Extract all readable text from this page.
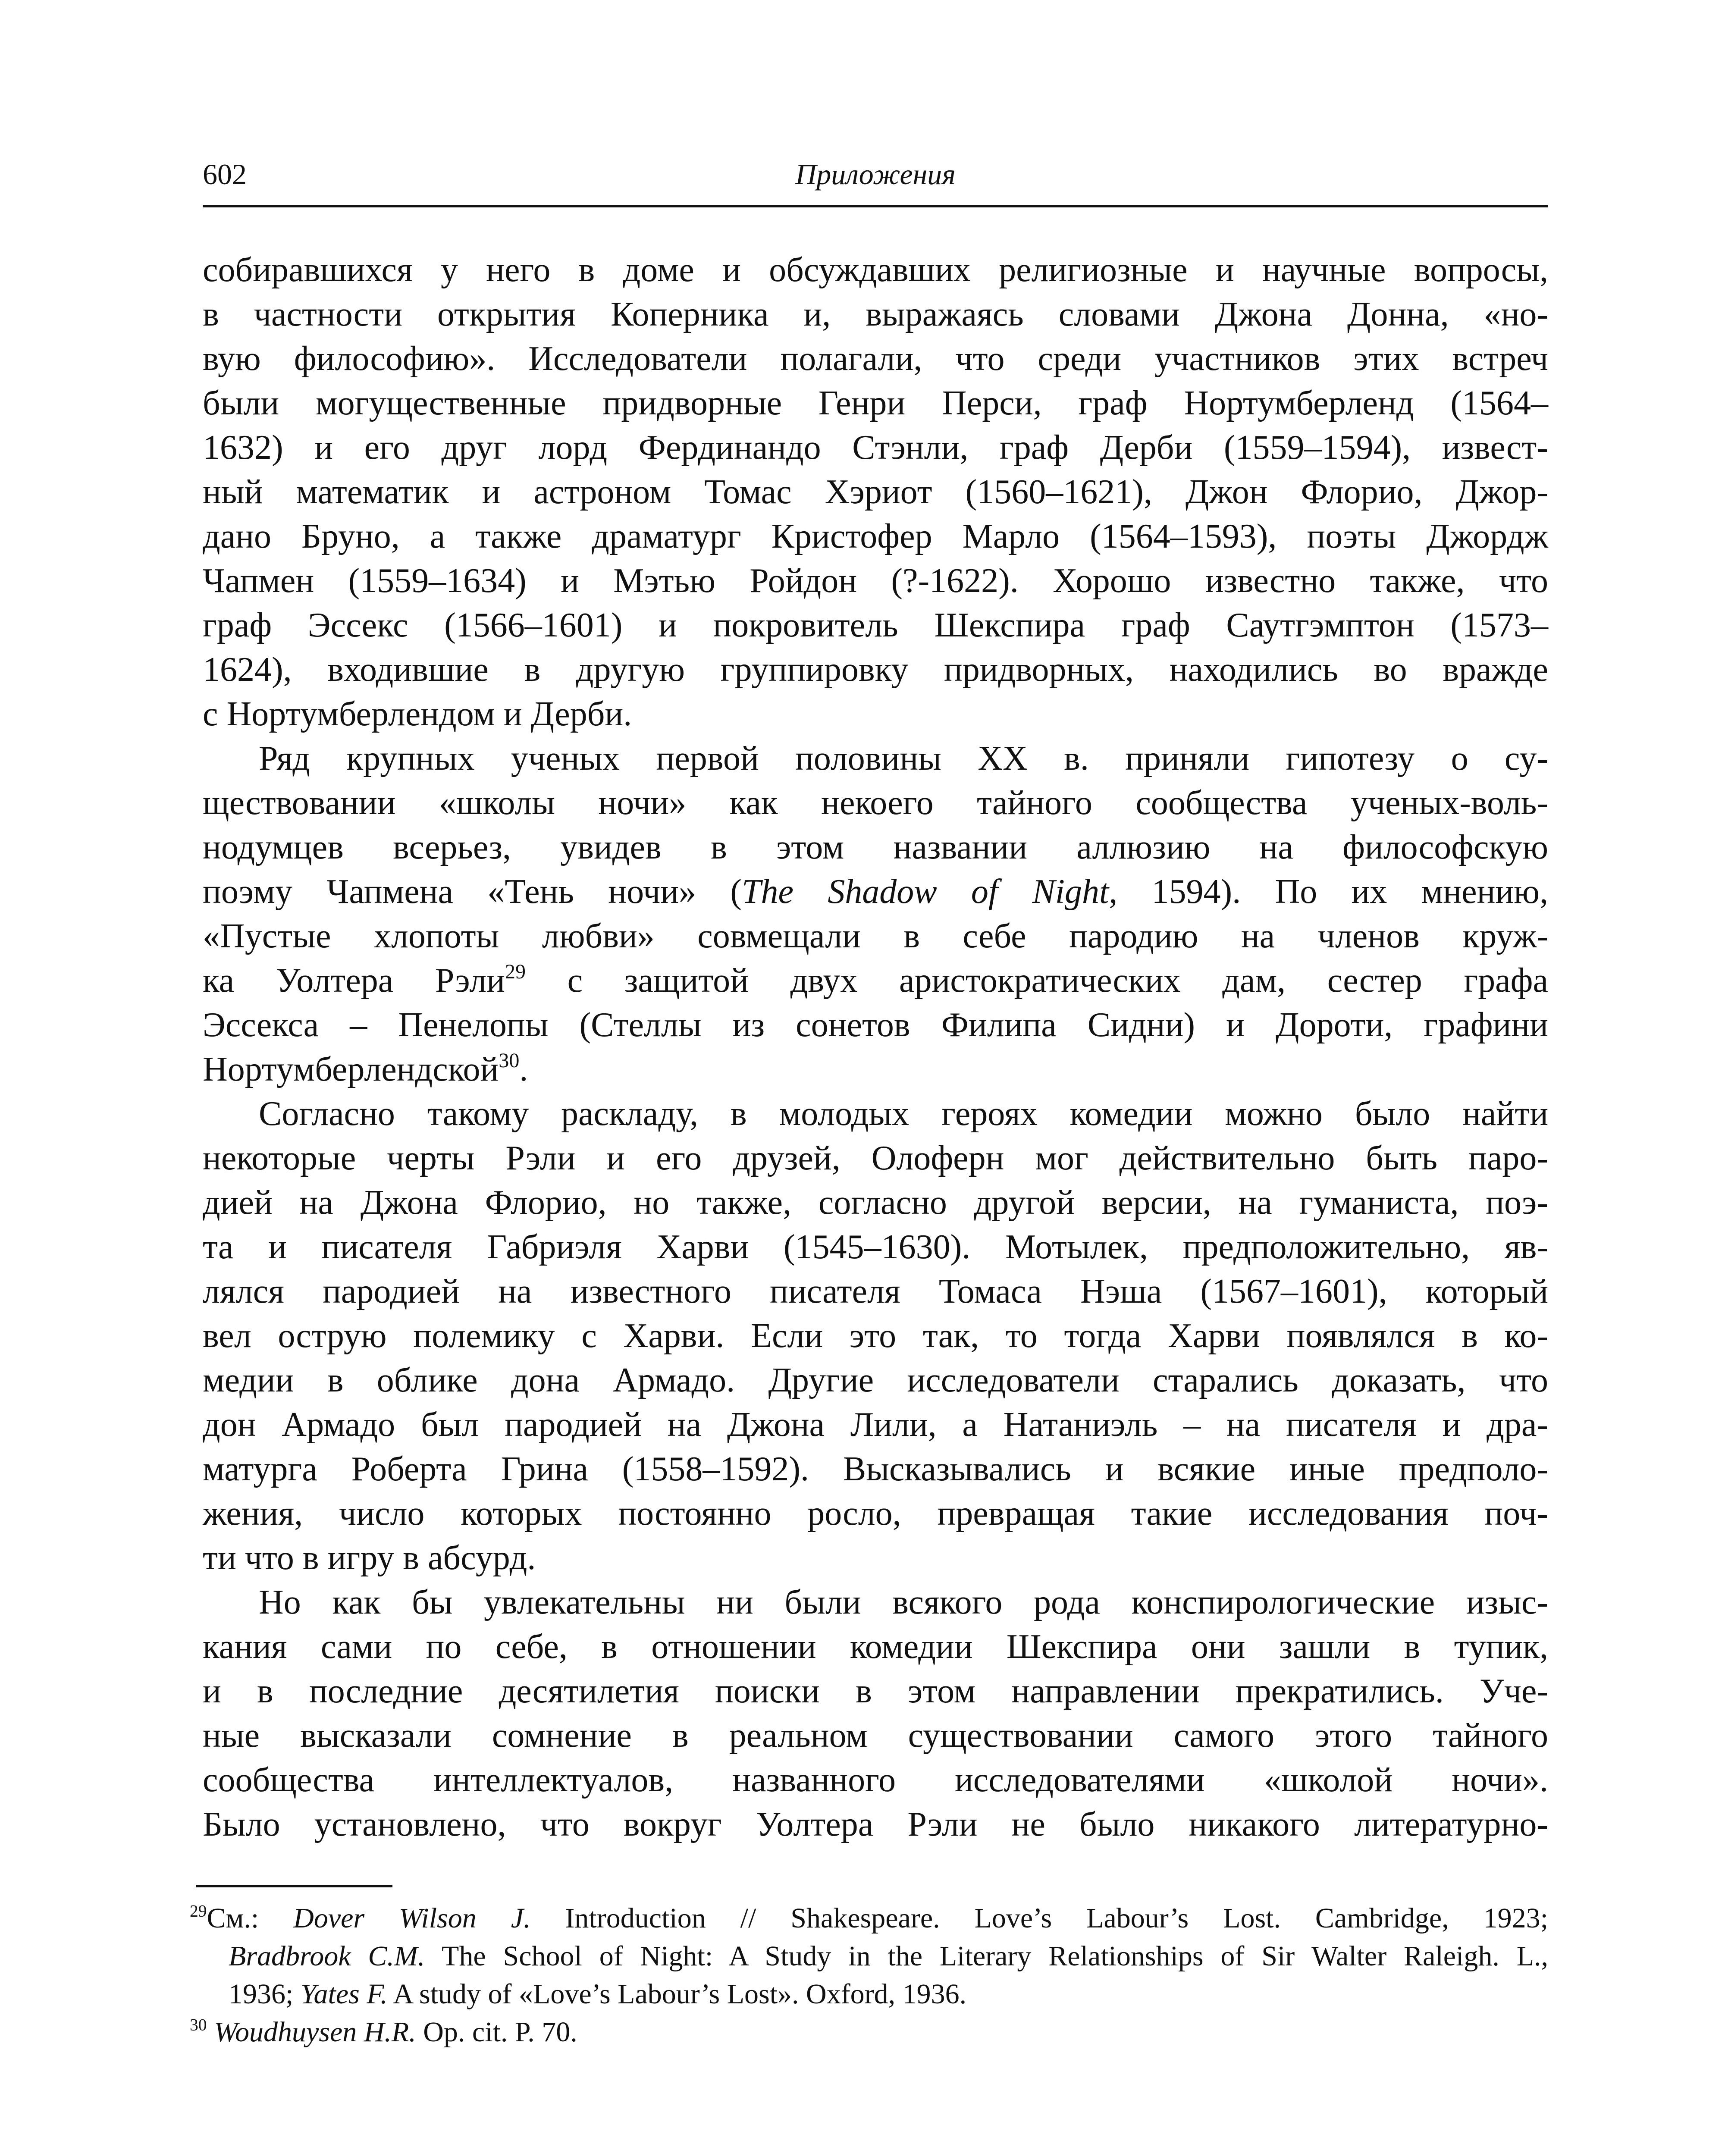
602	Приложения
собиравшихся у него в доме и обсуждавших религиозные и научные вопросы,
в частности открытия Коперника и, выражаясь словами Джона Донна, «но-
вую философию». Исследователи полагали, что среди участников этих встреч
были могущественные придворные Генри Перси, граф Нортумберленд (1564–
1632) и его друг лорд Фердинандо Стэнли, граф Дерби (1559–1594), извест-
ный математик и астроном Томас Хэриот (1560–1621), Джон Флорио, Джор-
дано Бруно, а также драматург Кристофер Марло (1564–1593), поэты Джордж
Чапмен (1559–1634) и Мэтью Ройдон (?-1622). Хорошо известно также, что
граф Эссекс (1566–1601) и покровитель Шекспира граф Саутгэмптон (1573–
1624), входившие в другую группировку придворных, находились во вражде
с Нортумберлендом и Дерби.
Ряд крупных ученых первой половины XX в. приняли гипотезу о су-
ществовании «школы ночи» как некоего тайного сообщества ученых-воль-
нодумцев всерьез, увидев в этом названии аллюзию на философскую
поэму Чапмена «Тень ночи» (The Shadow of Night, 1594). По их мнению,
«Пустые хлопоты любви» совмещали в себе пародию на членов круж-
ка Уолтера Рэли$^{29}$ с защитой двух аристократических дам, сестер графа
Эссекса – Пенелопы (Стеллы из сонетов Филипа Сидни) и Дороти, графини
Нортумберлендской$^{30}$.
Согласно такому раскладу, в молодых героях комедии можно было найти
некоторые черты Рэли и его друзей, Олоферн мог действительно быть паро-
дией на Джона Флорио, но также, согласно другой версии, на гуманиста, поэ-
та и писателя Габриэля Харви (1545–1630). Мотылек, предположительно, яв-
лялся пародией на известного писателя Томаса Нэша (1567–1601), который
вел острую полемику с Харви. Если это так, то тогда Харви появлялся в ко-
медии в облике дона Армадо. Другие исследователи старались доказать, что
дон Армадо был пародией на Джона Лили, а Натаниэль – на писателя и дра-
матурга Роберта Грина (1558–1592). Высказывались и всякие иные предполо-
жения, число которых постоянно росло, превращая такие исследования поч-
ти что в игру в абсурд.
Но как бы увлекательны ни были всякого рода конспирологические изыс-
кания сами по себе, в отношении комедии Шекспира они зашли в тупик,
и в последние десятилетия поиски в этом направлении прекратились. Уче-
ные высказали сомнение в реальном существовании самого этого тайного
сообщества интеллектуалов, названного исследователями «школой ночи».
Было установлено, что вокруг Уолтера Рэли не было никакого литературно-
$^{29}$См.: Dover Wilson J. Introduction // Shakespeare. Love’s Labour’s Lost. Cambridge, 1923;
Bradbrook C.M. The School of Night: A Study in the Literary Relationships of Sir Walter Raleigh. L.,
1936; Yates F. A study of «Love’s Labour’s Lost». Oxford, 1936.
$^{30}$ Woudhuysen H.R. Op. cit. P. 70.
